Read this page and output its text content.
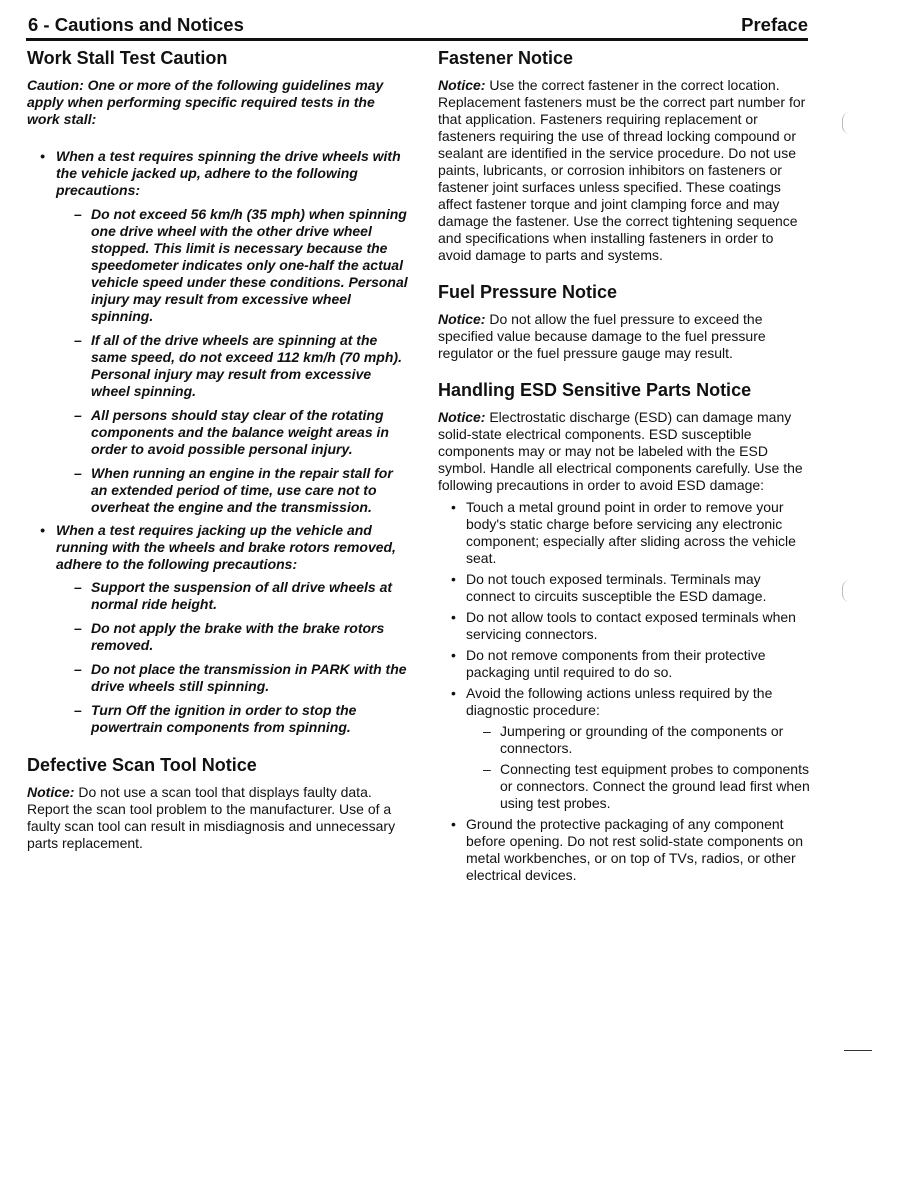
6 - Cautions and Notices	Preface
Work Stall Test Caution

Caution: One or more of the following guidelines may apply when performing specific required tests in the work stall:

• When a test requires spinning the drive wheels with the vehicle jacked up, adhere to the following precautions:
– Do not exceed 56 km/h (35 mph) when spinning one drive wheel with the other drive wheel stopped. This limit is necessary because the speedometer indicates only one-half the actual vehicle speed under these conditions. Personal injury may result from excessive wheel spinning.
– If all of the drive wheels are spinning at the same speed, do not exceed 112 km/h (70 mph). Personal injury may result from excessive wheel spinning.
– All persons should stay clear of the rotating components and the balance weight areas in order to avoid possible personal injury.
– When running an engine in the repair stall for an extended period of time, use care not to overheat the engine and the transmission.
• When a test requires jacking up the vehicle and running with the wheels and brake rotors removed, adhere to the following precautions:
– Support the suspension of all drive wheels at normal ride height.
– Do not apply the brake with the brake rotors removed.
– Do not place the transmission in PARK with the drive wheels still spinning.
– Turn Off the ignition in order to stop the powertrain components from spinning.
Defective Scan Tool Notice

Notice: Do not use a scan tool that displays faulty data. Report the scan tool problem to the manufacturer. Use of a faulty scan tool can result in misdiagnosis and unnecessary parts replacement.

Fastener Notice

Notice: Use the correct fastener in the correct location. Replacement fasteners must be the correct part number for that application. Fasteners requiring replacement or fasteners requiring the use of thread locking compound or sealant are identified in the service procedure. Do not use paints, lubricants, or corrosion inhibitors on fasteners or fastener joint surfaces unless specified. These coatings affect fastener torque and joint clamping force and may damage the fastener. Use the correct tightening sequence and specifications when installing fasteners in order to avoid damage to parts and systems.

Fuel Pressure Notice

Notice: Do not allow the fuel pressure to exceed the specified value because damage to the fuel pressure regulator or the fuel pressure gauge may result.

Handling ESD Sensitive Parts Notice

Notice: Electrostatic discharge (ESD) can damage many solid-state electrical components. ESD susceptible components may or may not be labeled with the ESD symbol. Handle all electrical components carefully. Use the following precautions in order to avoid ESD damage:

• Touch a metal ground point in order to remove your body's static charge before servicing any electronic component; especially after sliding across the vehicle seat.
• Do not touch exposed terminals. Terminals may connect to circuits susceptible the ESD damage.
• Do not allow tools to contact exposed terminals when servicing connectors.
• Do not remove components from their protective packaging until required to do so.
• Avoid the following actions unless required by the diagnostic procedure:
– Jumpering or grounding of the components or connectors.
– Connecting test equipment probes to components or connectors. Connect the ground lead first when using test probes.
• Ground the protective packaging of any component before opening. Do not rest solid-state components on metal workbenches, or on top of TVs, radios, or other electrical devices.
